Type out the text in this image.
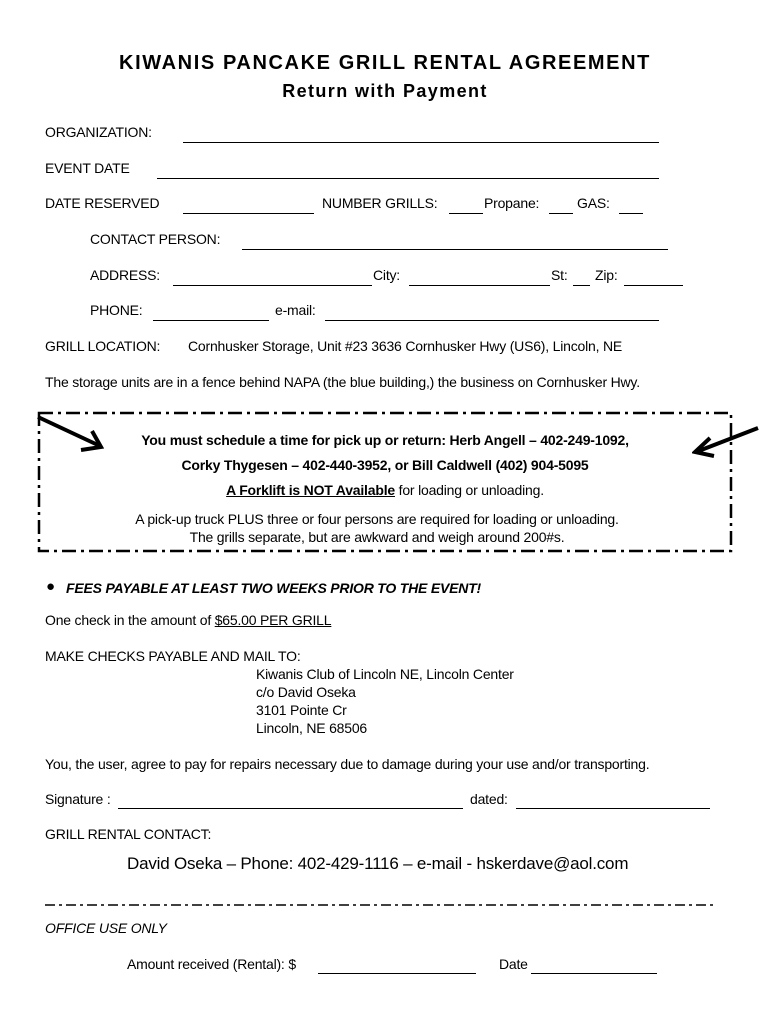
KIWANIS PANCAKE GRILL RENTAL AGREEMENT
Return with Payment
ORGANIZATION:
EVENT DATE
DATE RESERVED	NUMBER GRILLS:	Propane:	GAS:
CONTACT PERSON:
ADDRESS:	City:	St: Zip:
PHONE:	e-mail:
GRILL LOCATION: Cornhusker Storage, Unit #23 3636 Cornhusker Hwy (US6), Lincoln, NE
The storage units are in a fence behind NAPA (the blue building,) the business on Cornhusker Hwy.
You must schedule a time for pick up or return: Herb Angell – 402-249-1092,
Corky Thygesen – 402-440-3952, or Bill Caldwell (402) 904-5095
A Forklift is NOT Available for loading or unloading.
A pick-up truck PLUS three or four persons are required for loading or unloading.
The grills separate, but are awkward and weigh around 200#s.
● FEES PAYABLE AT LEAST TWO WEEKS PRIOR TO THE EVENT!
One check in the amount of $65.00 PER GRILL
MAKE CHECKS PAYABLE AND MAIL TO:
Kiwanis Club of Lincoln NE, Lincoln Center
c/o David Oseka
3101 Pointe Cr
Lincoln, NE 68506
You, the user, agree to pay for repairs necessary due to damage during your use and/or transporting.
Signature :	dated:
GRILL RENTAL CONTACT:
David Oseka – Phone: 402-429-1116 – e-mail - hskerdave@aol.com
OFFICE USE ONLY
Amount received (Rental): $	Date
